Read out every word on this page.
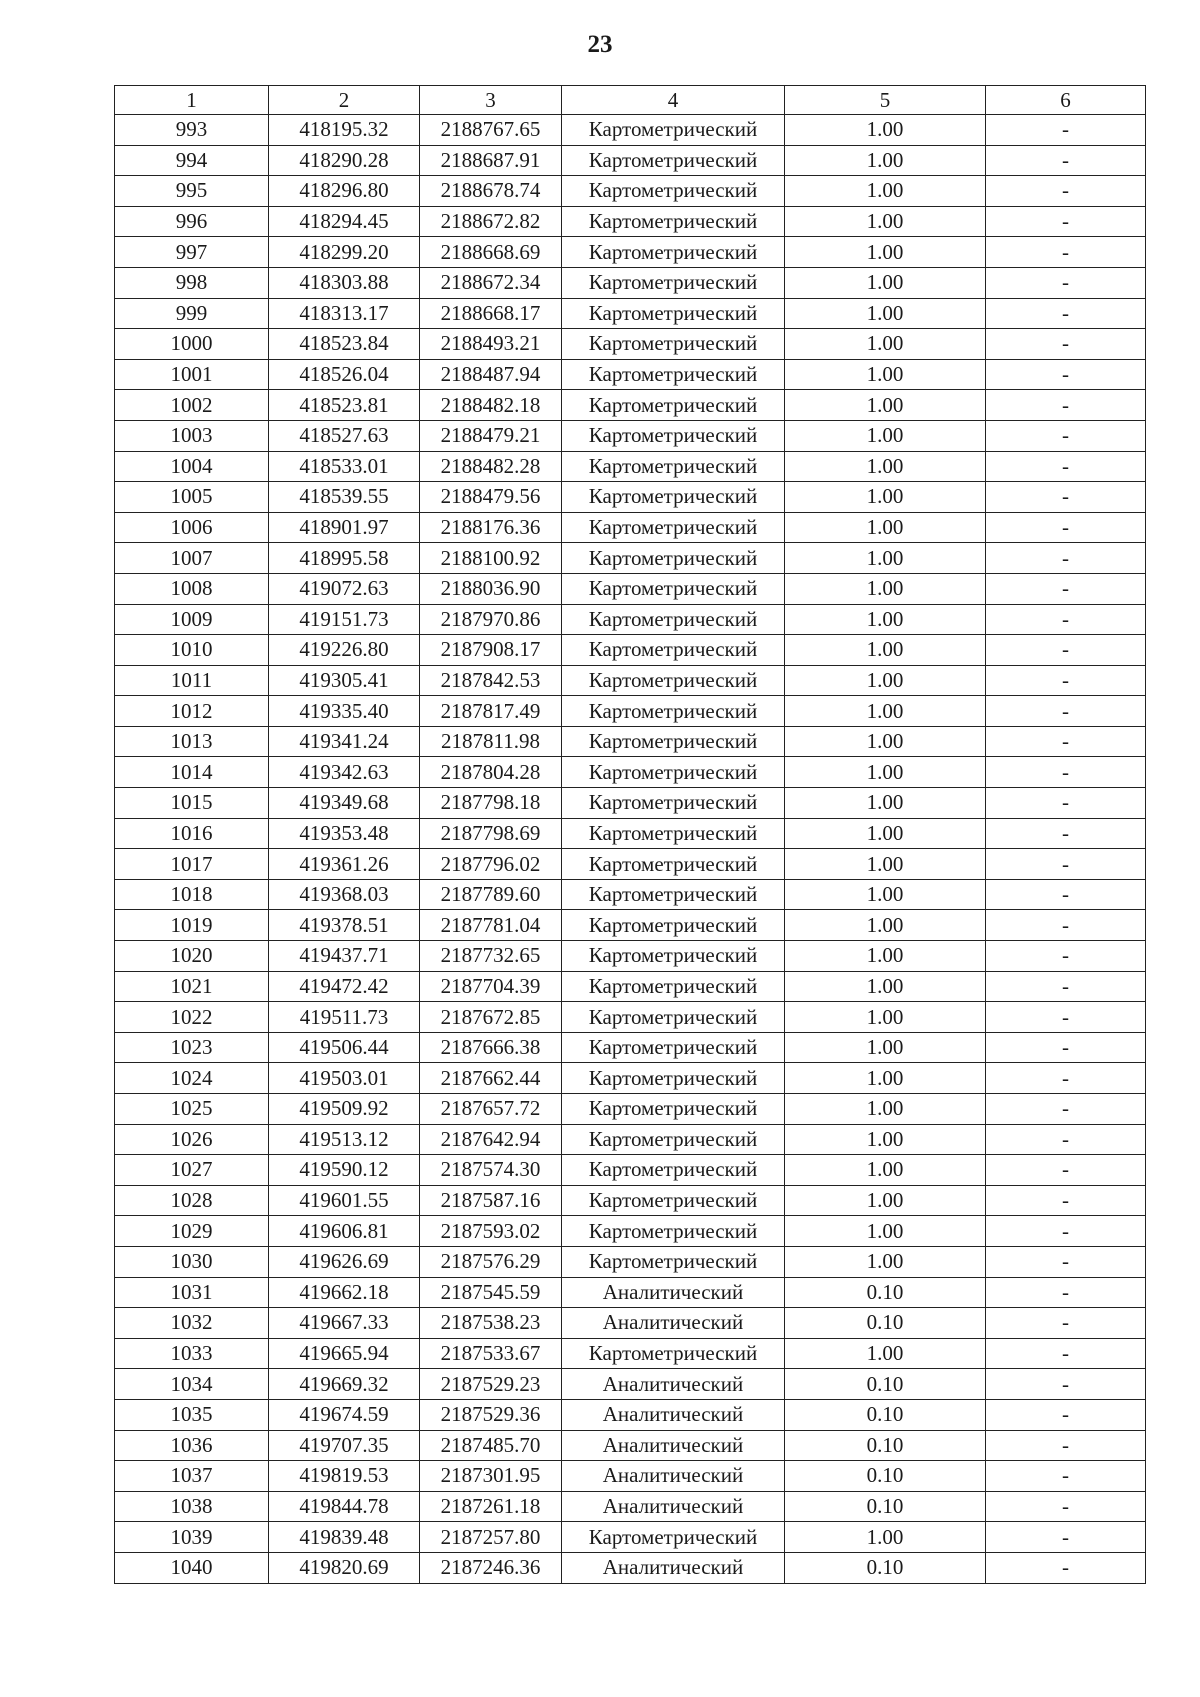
23
1	2	3	4	5	6
993	418195.32	2188767.65	Картометрический	1.00	-
994	418290.28	2188687.91	Картометрический	1.00	-
995	418296.80	2188678.74	Картометрический	1.00	-
996	418294.45	2188672.82	Картометрический	1.00	-
997	418299.20	2188668.69	Картометрический	1.00	-
998	418303.88	2188672.34	Картометрический	1.00	-
999	418313.17	2188668.17	Картометрический	1.00	-
1000	418523.84	2188493.21	Картометрический	1.00	-
1001	418526.04	2188487.94	Картометрический	1.00	-
1002	418523.81	2188482.18	Картометрический	1.00	-
1003	418527.63	2188479.21	Картометрический	1.00	-
1004	418533.01	2188482.28	Картометрический	1.00	-
1005	418539.55	2188479.56	Картометрический	1.00	-
1006	418901.97	2188176.36	Картометрический	1.00	-
1007	418995.58	2188100.92	Картометрический	1.00	-
1008	419072.63	2188036.90	Картометрический	1.00	-
1009	419151.73	2187970.86	Картометрический	1.00	-
1010	419226.80	2187908.17	Картометрический	1.00	-
1011	419305.41	2187842.53	Картометрический	1.00	-
1012	419335.40	2187817.49	Картометрический	1.00	-
1013	419341.24	2187811.98	Картометрический	1.00	-
1014	419342.63	2187804.28	Картометрический	1.00	-
1015	419349.68	2187798.18	Картометрический	1.00	-
1016	419353.48	2187798.69	Картометрический	1.00	-
1017	419361.26	2187796.02	Картометрический	1.00	-
1018	419368.03	2187789.60	Картометрический	1.00	-
1019	419378.51	2187781.04	Картометрический	1.00	-
1020	419437.71	2187732.65	Картометрический	1.00	-
1021	419472.42	2187704.39	Картометрический	1.00	-
1022	419511.73	2187672.85	Картометрический	1.00	-
1023	419506.44	2187666.38	Картометрический	1.00	-
1024	419503.01	2187662.44	Картометрический	1.00	-
1025	419509.92	2187657.72	Картометрический	1.00	-
1026	419513.12	2187642.94	Картометрический	1.00	-
1027	419590.12	2187574.30	Картометрический	1.00	-
1028	419601.55	2187587.16	Картометрический	1.00	-
1029	419606.81	2187593.02	Картометрический	1.00	-
1030	419626.69	2187576.29	Картометрический	1.00	-
1031	419662.18	2187545.59	Аналитический	0.10	-
1032	419667.33	2187538.23	Аналитический	0.10	-
1033	419665.94	2187533.67	Картометрический	1.00	-
1034	419669.32	2187529.23	Аналитический	0.10	-
1035	419674.59	2187529.36	Аналитический	0.10	-
1036	419707.35	2187485.70	Аналитический	0.10	-
1037	419819.53	2187301.95	Аналитический	0.10	-
1038	419844.78	2187261.18	Аналитический	0.10	-
1039	419839.48	2187257.80	Картометрический	1.00	-
1040	419820.69	2187246.36	Аналитический	0.10	-
